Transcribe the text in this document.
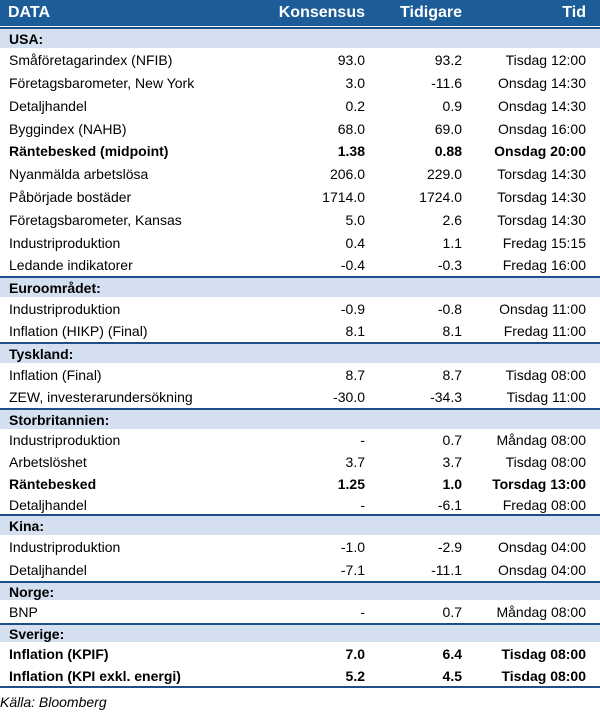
DATA	Konsensus	Tidigare	Tid
USA:
Småföretagarindex (NFIB)	93.0	93.2	Tisdag 12:00
Företagsbarometer, New York	3.0	-11.6	Onsdag 14:30
Detaljhandel	0.2	0.9	Onsdag 14:30
Byggindex (NAHB)	68.0	69.0	Onsdag 16:00
Räntebesked (midpoint)	1.38	0.88	Onsdag 20:00
Nyanmälda arbetslösa	206.0	229.0	Torsdag 14:30
Påbörjade bostäder	1714.0	1724.0	Torsdag 14:30
Företagsbarometer, Kansas	5.0	2.6	Torsdag 14:30
Industriproduktion	0.4	1.1	Fredag 15:15
Ledande indikatorer	-0.4	-0.3	Fredag 16:00
Euroområdet:
Industriproduktion	-0.9	-0.8	Onsdag 11:00
Inflation (HIKP) (Final)	8.1	8.1	Fredag 11:00
Tyskland:
Inflation (Final)	8.7	8.7	Tisdag 08:00
ZEW, investerarundersökning	-30.0	-34.3	Tisdag 11:00
Storbritannien:
Industriproduktion	-	0.7	Måndag 08:00
Arbetslöshet	3.7	3.7	Tisdag 08:00
Räntebesked	1.25	1.0	Torsdag 13:00
Detaljhandel	-	-6.1	Fredag 08:00
Kina:
Industriproduktion	-1.0	-2.9	Onsdag 04:00
Detaljhandel	-7.1	-11.1	Onsdag 04:00
Norge:
BNP	-	0.7	Måndag 08:00
Sverige:
Inflation (KPIF)	7.0	6.4	Tisdag 08:00
Inflation (KPI exkl. energi)	5.2	4.5	Tisdag 08:00
Källa: Bloomberg
